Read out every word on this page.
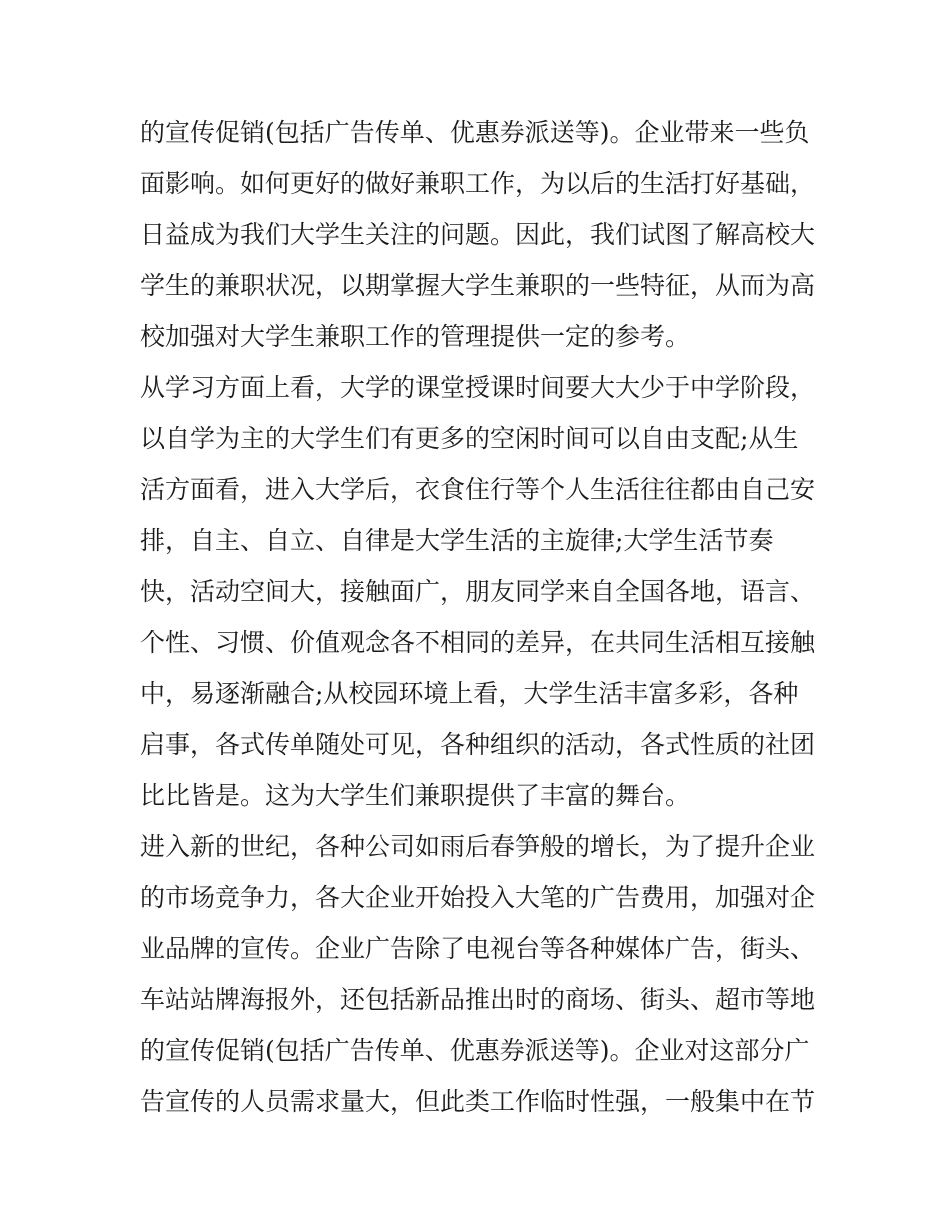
的宣传促销(包括广告传单、优惠券派送等)。企业带来一些负
面影响。如何更好的做好兼职工作，为以后的生活打好基础，
日益成为我们大学生关注的问题。因此，我们试图了解高校大
学生的兼职状况，以期掌握大学生兼职的一些特征，从而为高
校加强对大学生兼职工作的管理提供一定的参考。
从学习方面上看，大学的课堂授课时间要大大少于中学阶段，
以自学为主的大学生们有更多的空闲时间可以自由支配;从生
活方面看，进入大学后，衣食住行等个人生活往往都由自己安
排，自主、自立、自律是大学生活的主旋律;大学生活节奏
快，活动空间大，接触面广，朋友同学来自全国各地，语言、
个性、习惯、价值观念各不相同的差异，在共同生活相互接触
中，易逐渐融合;从校园环境上看，大学生活丰富多彩，各种
启事，各式传单随处可见，各种组织的活动，各式性质的社团
比比皆是。这为大学生们兼职提供了丰富的舞台。
进入新的世纪，各种公司如雨后春笋般的增长，为了提升企业
的市场竞争力，各大企业开始投入大笔的广告费用，加强对企
业品牌的宣传。企业广告除了电视台等各种媒体广告，街头、
车站站牌海报外，还包括新品推出时的商场、街头、超市等地
的宣传促销(包括广告传单、优惠券派送等)。企业对这部分广
告宣传的人员需求量大，但此类工作临时性强，一般集中在节
